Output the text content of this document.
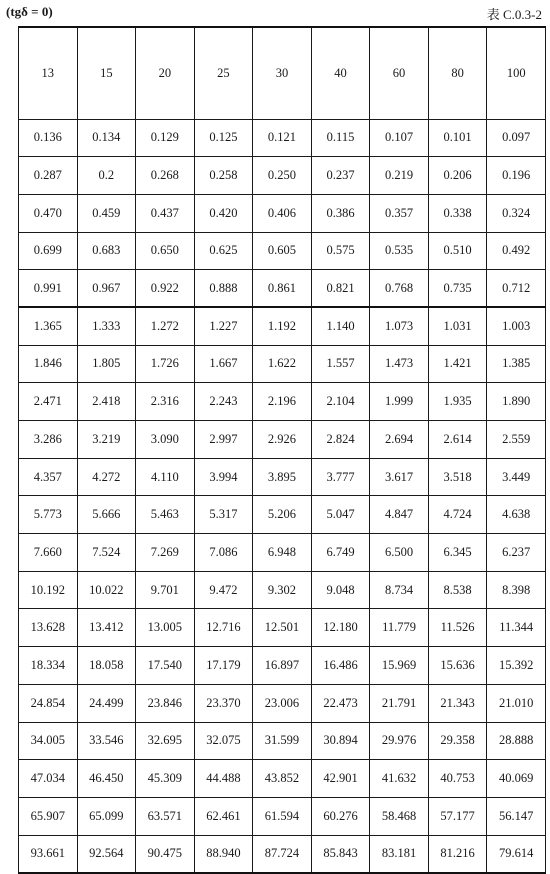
(tgδ = 0)	表 C.0.3-2
13	15	20	25	30	40	60	80	100
0.136	0.134	0.129	0.125	0.121	0.115	0.107	0.101	0.097
0.287	0.2	0.268	0.258	0.250	0.237	0.219	0.206	0.196
0.470	0.459	0.437	0.420	0.406	0.386	0.357	0.338	0.324
0.699	0.683	0.650	0.625	0.605	0.575	0.535	0.510	0.492
0.991	0.967	0.922	0.888	0.861	0.821	0.768	0.735	0.712
1.365	1.333	1.272	1.227	1.192	1.140	1.073	1.031	1.003
1.846	1.805	1.726	1.667	1.622	1.557	1.473	1.421	1.385
2.471	2.418	2.316	2.243	2.196	2.104	1.999	1.935	1.890
3.286	3.219	3.090	2.997	2.926	2.824	2.694	2.614	2.559
4.357	4.272	4.110	3.994	3.895	3.777	3.617	3.518	3.449
5.773	5.666	5.463	5.317	5.206	5.047	4.847	4.724	4.638
7.660	7.524	7.269	7.086	6.948	6.749	6.500	6.345	6.237
10.192	10.022	9.701	9.472	9.302	9.048	8.734	8.538	8.398
13.628	13.412	13.005	12.716	12.501	12.180	11.779	11.526	11.344
18.334	18.058	17.540	17.179	16.897	16.486	15.969	15.636	15.392
24.854	24.499	23.846	23.370	23.006	22.473	21.791	21.343	21.010
34.005	33.546	32.695	32.075	31.599	30.894	29.976	29.358	28.888
47.034	46.450	45.309	44.488	43.852	42.901	41.632	40.753	40.069
65.907	65.099	63.571	62.461	61.594	60.276	58.468	57.177	56.147
93.661	92.564	90.475	88.940	87.724	85.843	83.181	81.216	79.614
